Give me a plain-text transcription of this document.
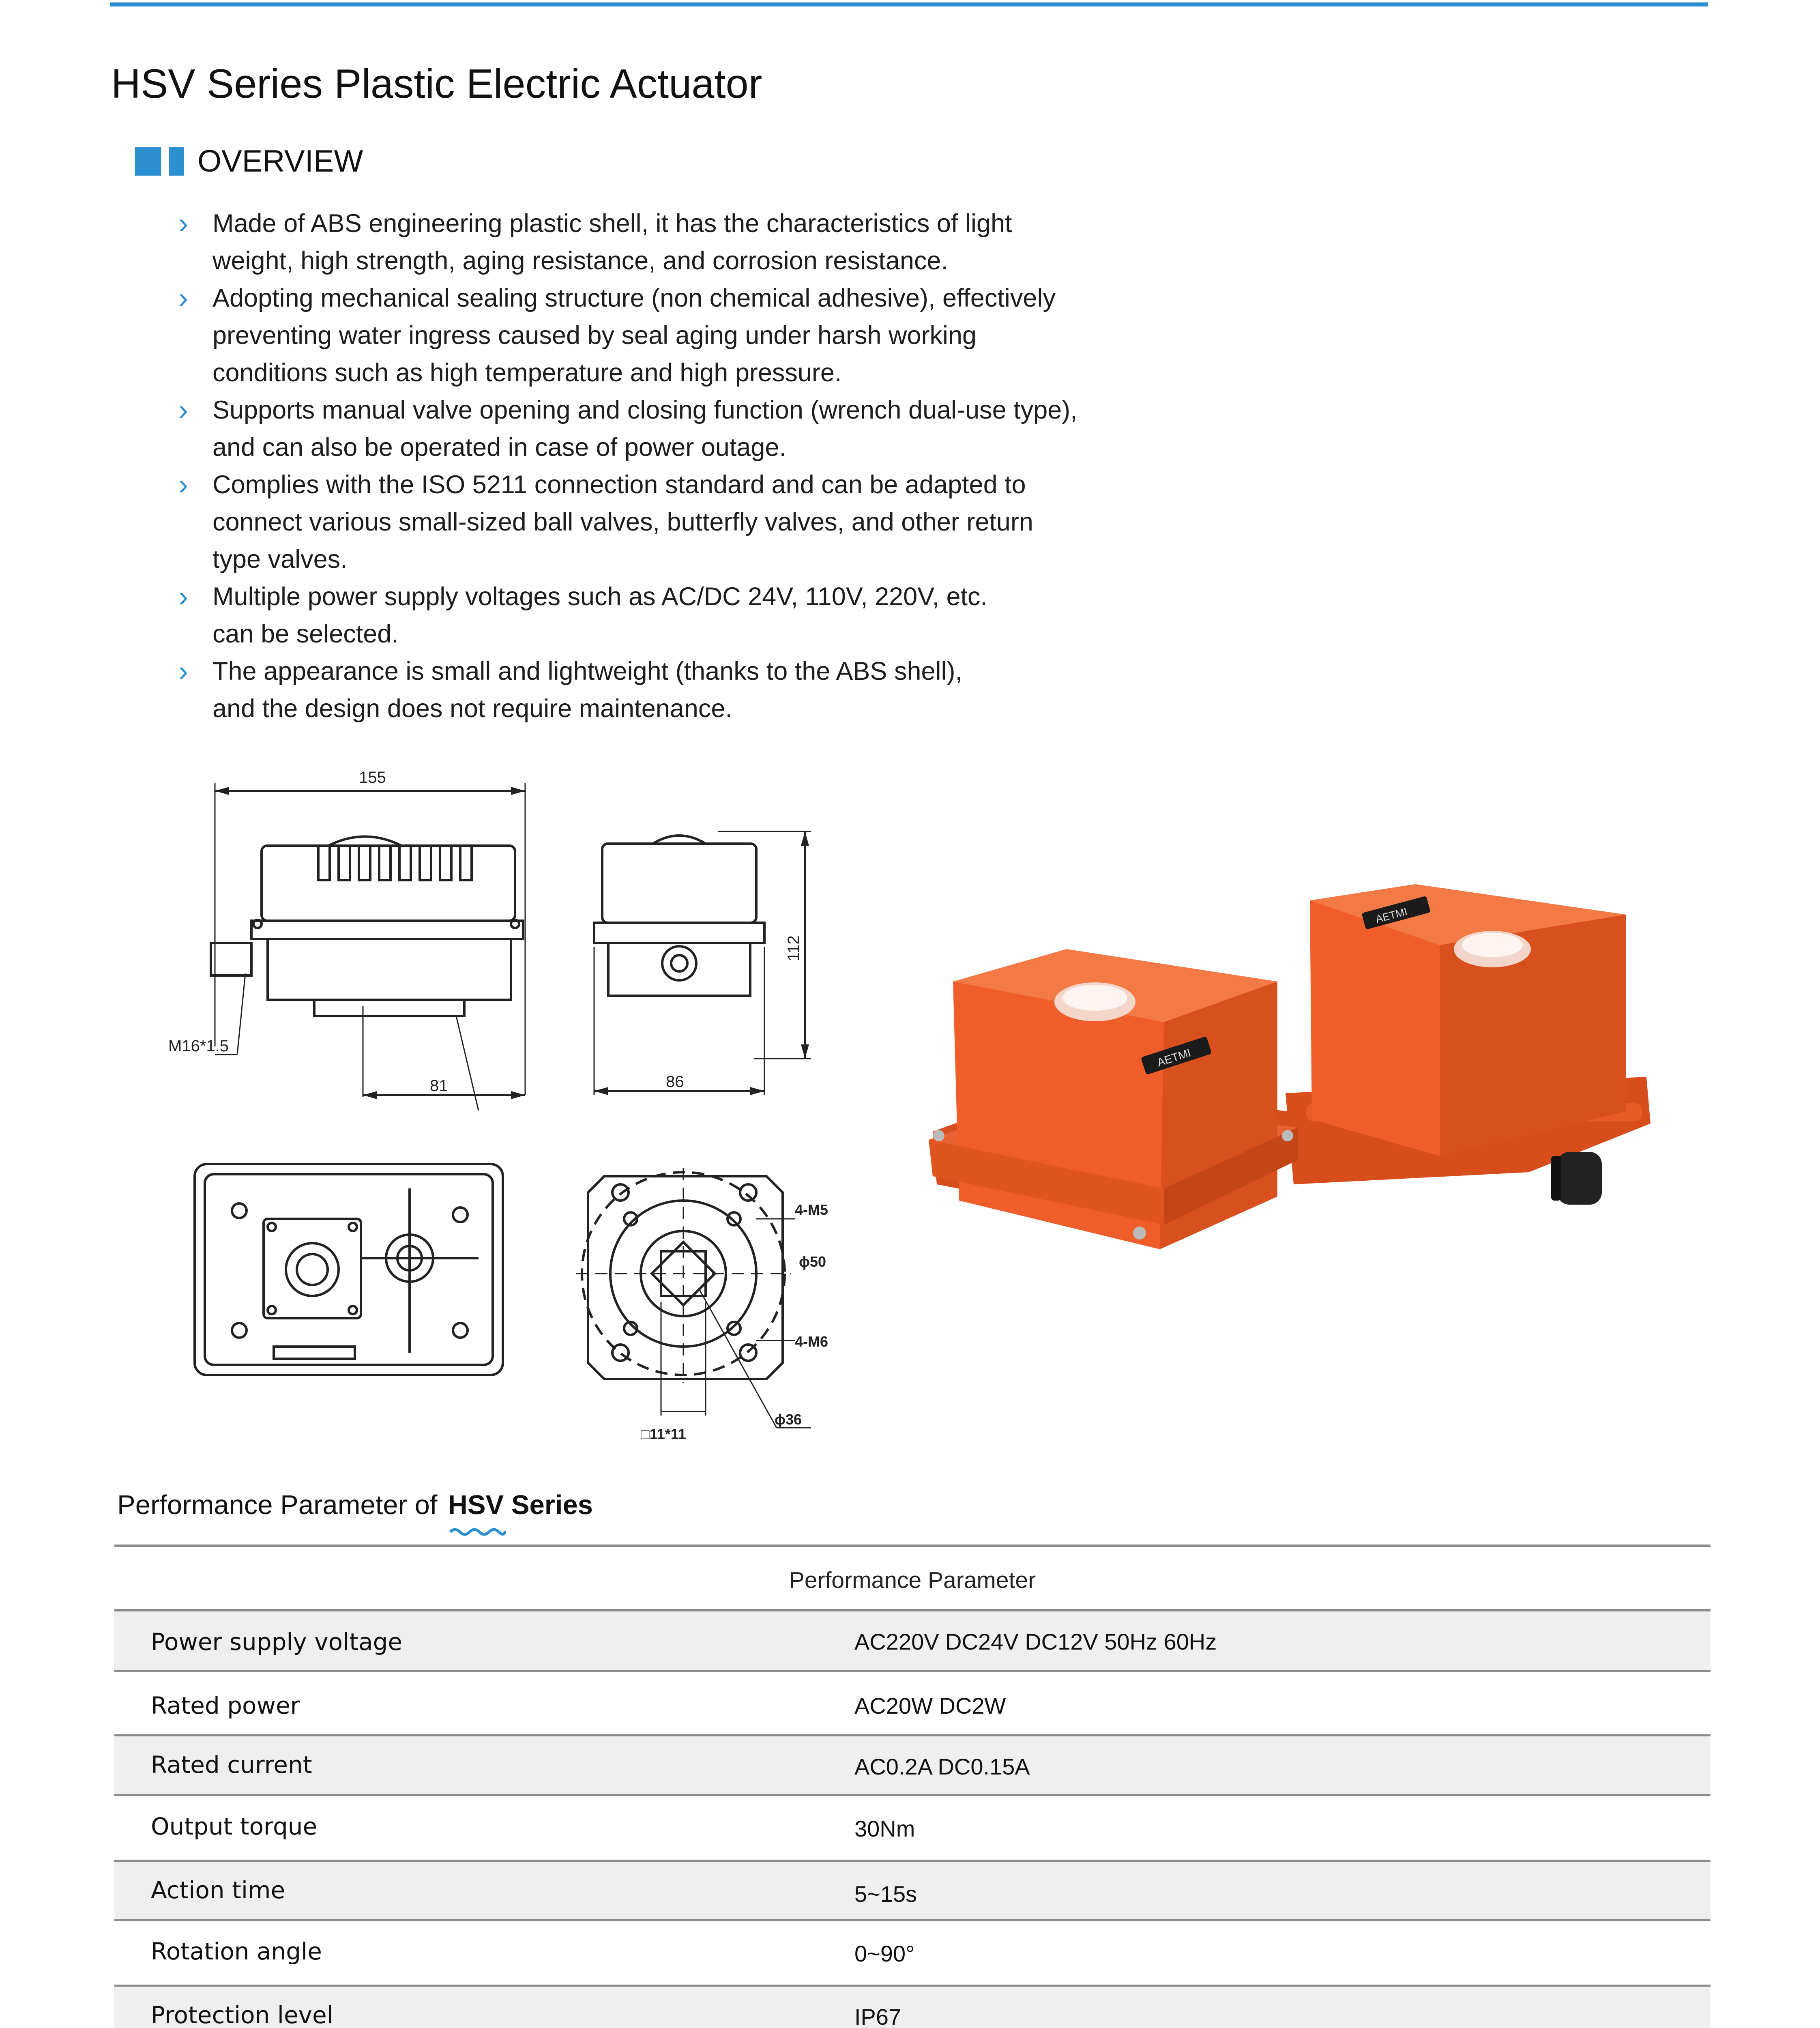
HSV Series Plastic Electric Actuator
OVERVIEW
› Made of ABS engineering plastic shell, it has the characteristics of light
weight, high strength, aging resistance, and corrosion resistance.
› Adopting mechanical sealing structure (non chemical adhesive), effectively
preventing water ingress caused by seal aging under harsh working
conditions such as high temperature and high pressure.
› Supports manual valve opening and closing function (wrench dual-use type),
and can also be operated in case of power outage.
› Complies with the ISO 5211 connection standard and can be adapted to
connect various small-sized ball valves, butterfly valves, and other return
type valves.
› Multiple power supply voltages such as AC/DC 24V, 110V, 220V, etc.
can be selected.
› The appearance is small and lightweight (thanks to the ABS shell),
and the design does not require maintenance.
155
112
81	86
M16*1.5
4-M5
4-M6
ϕ50
ϕ36
□11*11
AETMI
AETMI
Performance Parameter of HSV Series
Performance Parameter
Power supply voltage	AC220V DC24V DC12V 50Hz 60Hz
Rated power	AC20W DC2W
Rated current	AC0.2A DC0.15A
Output torque	30Nm
Action time	5~15s
Rotation angle	0~90°
Protection level	IP67
